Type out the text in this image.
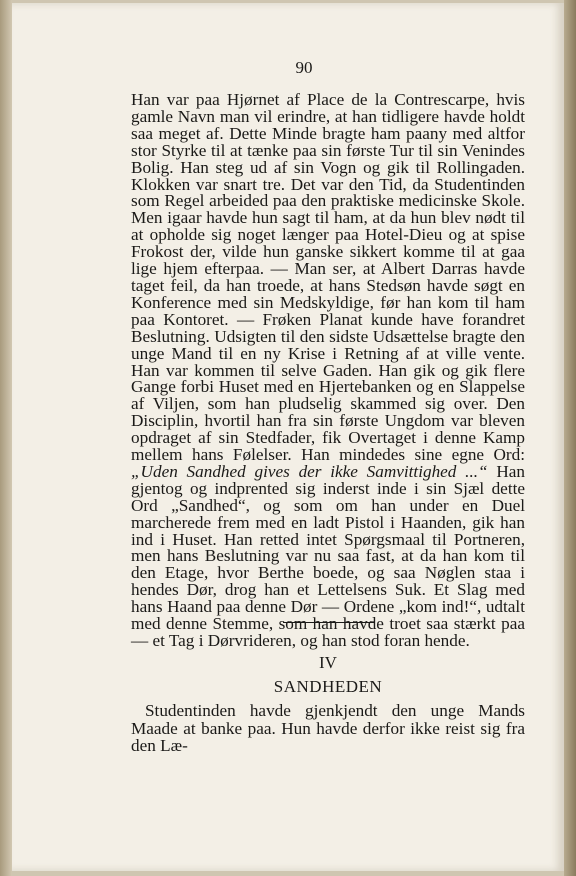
90

Han var paa Hjørnet af Place de la Contrescarpe, hvis gamle Navn man vil erindre, at han tidligere havde holdt saa meget af. Dette Minde bragte ham paany med altfor stor Styrke til at tænke paa sin første Tur til sin Venindes Bolig. Han steg ud af sin Vogn og gik til Rollingaden. Klokken var snart tre. Det var den Tid, da Studentinden som Regel arbeided paa den praktiske medicinske Skole. Men igaar havde hun sagt til ham, at da hun blev nødt til at opholde sig noget længer paa Hotel-Dieu og at spise Frokost der, vilde hun ganske sikkert komme til at gaa lige hjem efterpaa. — Man ser, at Albert Darras havde taget feil, da han troede, at hans Stedsøn havde søgt en Konference med sin Medskyldige, før han kom til ham paa Kontoret. — Frøken Planat kunde have forandret Beslutning. Udsigten til den sidste Udsættelse bragte den unge Mand til en ny Krise i Retning af at ville vente. Han var kommen til selve Gaden. Han gik og gik flere Gange forbi Huset med en Hjertebanken og en Slappelse af Viljen, som han pludselig skammed sig over. Den Disciplin, hvortil han fra sin første Ungdom var bleven opdraget af sin Stedfader, fik Overtaget i denne Kamp mellem hans Følelser. Han mindedes sine egne Ord: „Uden Sandhed gives der ikke Samvittighed ...“ Han gjentog og indprented sig inderst inde i sin Sjæl dette Ord „Sandhed“, og som om han under en Duel marcherede frem med en ladt Pistol i Haanden, gik han ind i Huset. Han retted intet Spørgsmaal til Portneren, men hans Beslutning var nu saa fast, at da han kom til den Etage, hvor Berthe boede, og saa Nøglen staa i hendes Dør, drog han et Lettelsens Suk. Et Slag med hans Haand paa denne Dør — Ordene „kom ind!“, udtalt med denne Stemme, som han havde troet saa stærkt paa — et Tag i Dørvrideren, og han stod foran hende.

IV
SANDHEDEN

Studentinden havde gjenkjendt den unge Mands Maade at banke paa. Hun havde derfor ikke reist sig fra den Læ-
